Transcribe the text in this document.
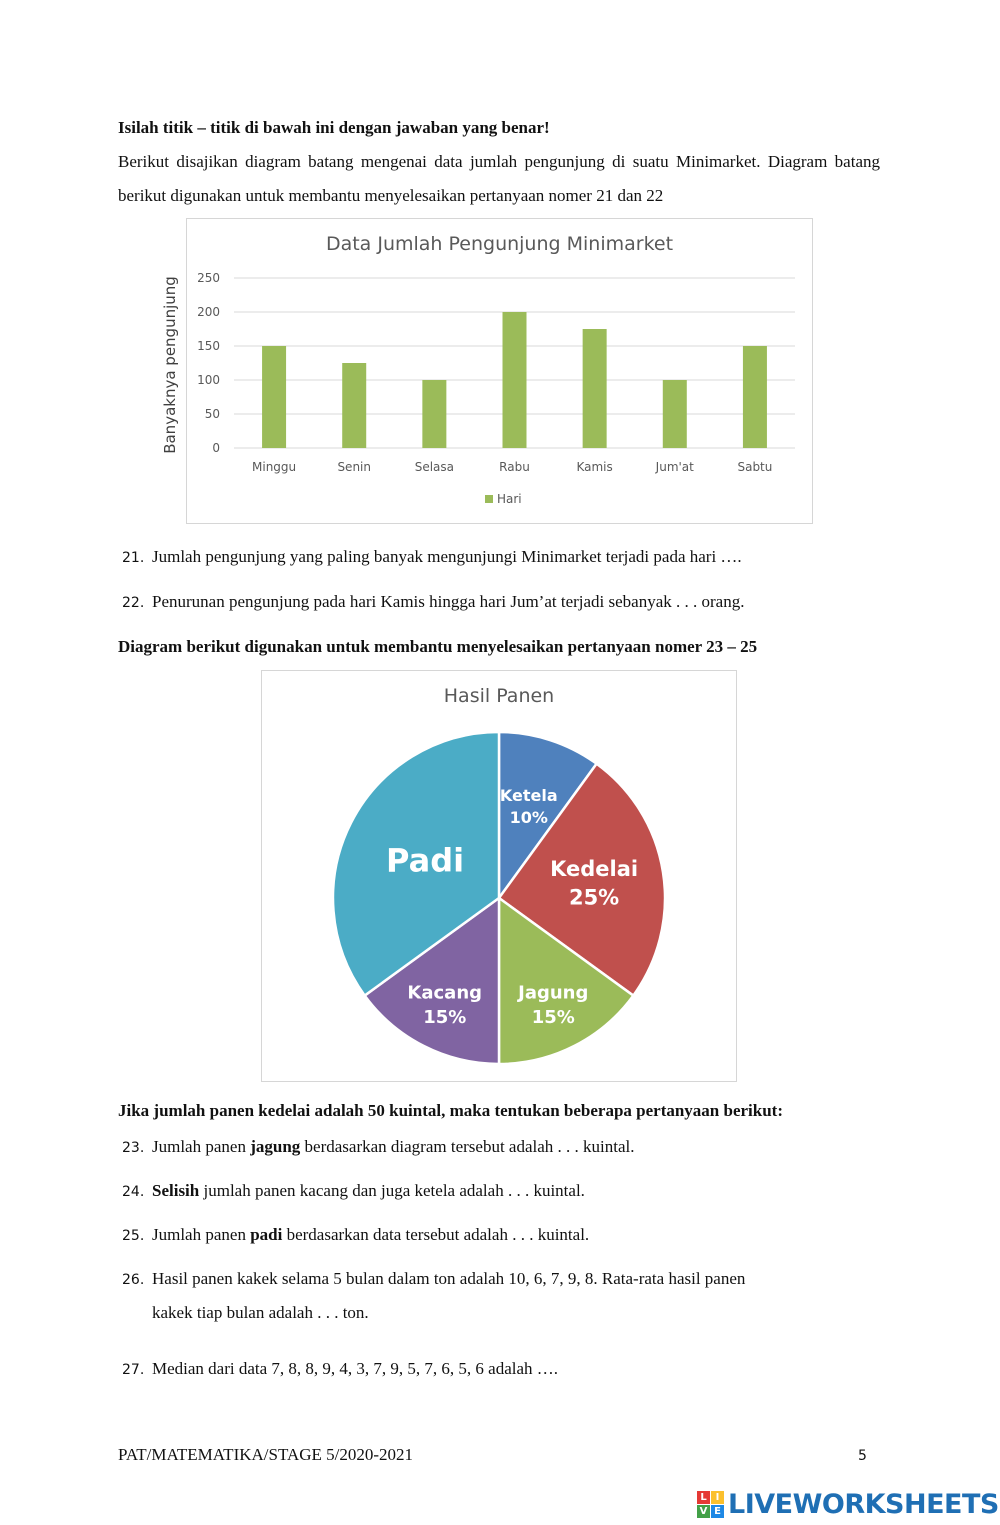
Isilah titik – titik di bawah ini dengan jawaban yang benar!
Berikut disajikan diagram batang mengenai data jumlah pengunjung di suatu Minimarket. Diagram batang berikut digunakan untuk membantu menyelesaikan pertanyaan nomer 21 dan 22
Data Jumlah Pengunjung Minimarket
0
50
100
150
200
250
Minggu	Senin	Selasa	Rabu	Kamis	Jum'at	Sabtu
Hari
Banyaknya pengunjung
21. Jumlah pengunjung yang paling banyak mengunjungi Minimarket terjadi pada hari ….
22. Penurunan pengunjung pada hari Kamis hingga hari Jum’at terjadi sebanyak . . . orang.
Diagram berikut digunakan untuk membantu menyelesaikan pertanyaan nomer 23 – 25
Hasil Panen
Ketela
10%
Kedelai
25%
Jagung
15%
Kacang
15%
Padi
Jika jumlah panen kedelai adalah 50 kuintal, maka tentukan beberapa pertanyaan berikut:
23. Jumlah panen jagung berdasarkan diagram tersebut adalah . . . kuintal.
24. Selisih jumlah panen kacang dan juga ketela adalah . . . kuintal.
25. Jumlah panen padi berdasarkan data tersebut adalah . . . kuintal.
26. Hasil panen kakek selama 5 bulan dalam ton adalah 10, 6, 7, 9, 8. Rata-rata hasil panen
kakek tiap bulan adalah . . . ton.
27. Median dari data 7, 8, 8, 9, 4, 3, 7, 9, 5, 7, 6, 5, 6 adalah ….
PAT/MATEMATIKA/STAGE 5/2020-2021	5
L I
V E LIVEWORKSHEETS
